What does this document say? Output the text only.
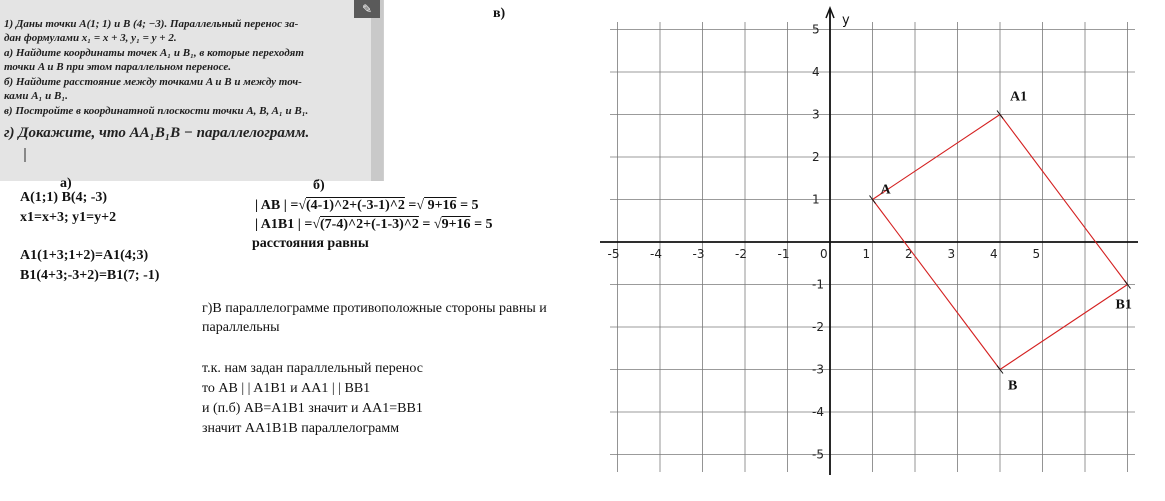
1) Даны точки A(1; 1) и B (4; −3). Параллельный перенос за-
дан формулами x₁ = x + 3, y₁ = y + 2.
а) Найдите координаты точек A₁ и B₁, в которые переходят
точки A и B при этом параллельном переносе.
б) Найдите расстояние между точками A и B и между точ-
ками A₁ и B₁.
в) Постройте в координатной плоскости точки A, B, A₁ и B₁.
г) Докажите, что AA₁B₁B − параллелограмм.
✎
а)
A(1;1) B(4; -3)
x1=x+3; y1=y+2
A1(1+3;1+2)=A1(4;3)
B1(4+3;-3+2)=B1(7; -1)
б)
| AB | =√(4-1)^2+(-3-1)^2 =√ 9+16 = 5
| A1B1 | =√(7-4)^2+(-1-3)^2 = √9+16 = 5
расстояния равны
в)
г)В параллелограмме противоположные стороны равны и
параллельны
т.к. нам задан параллельный перенос
то AB | | A1B1 и AA1 | | BB1
и (п.б) AB=A1B1 значит и AA1=BB1
значит AA1B1B параллелограмм
y
-5	-4	-3	-2	-1	0	1	2	3	4	5
5
4
3
2
1
-1
-2
-3
-4
-5
A
A1
B1
B
